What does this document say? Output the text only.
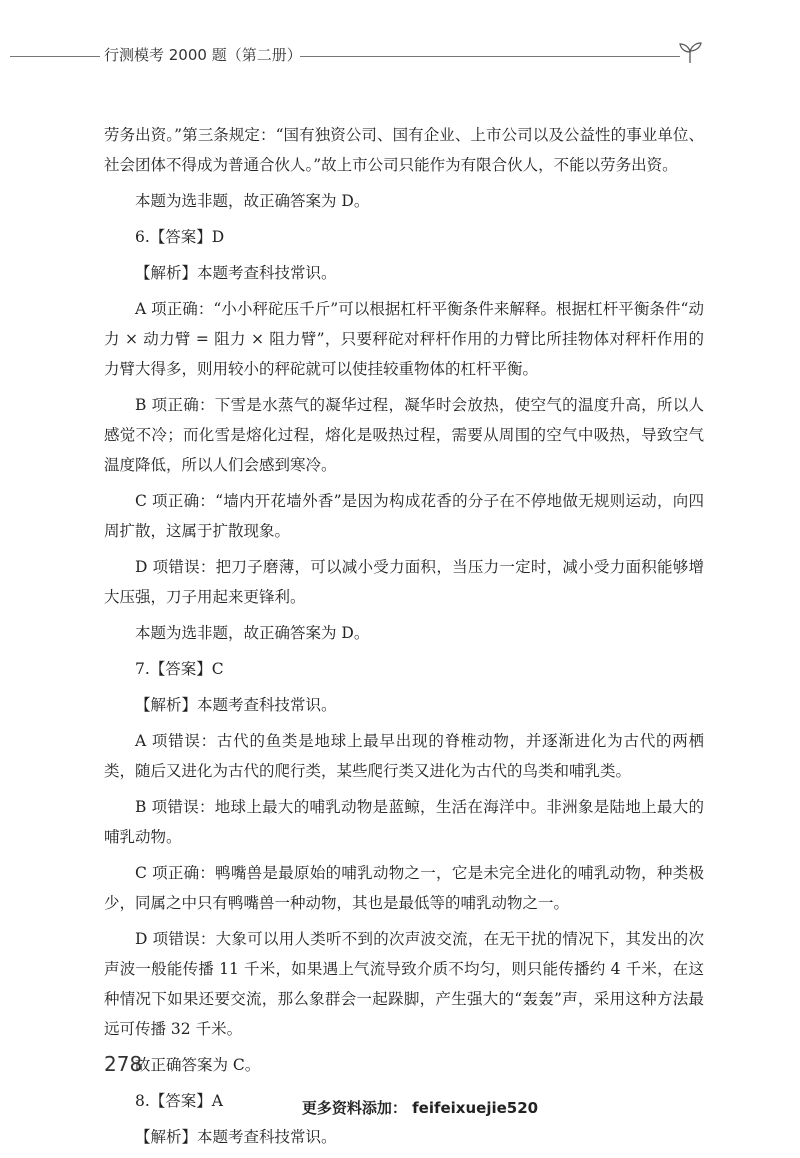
行测模考 2000 题（第二册）

劳务出资。”第三条规定：“国有独资公司、国有企业、上市公司以及公益性的事业单位、社会团体不得成为普通合伙人。”故上市公司只能作为有限合伙人，不能以劳务出资。

本题为选非题，故正确答案为 D。

6.【答案】D

【解析】本题考查科技常识。

A 项正确：“小小秤砣压千斤”可以根据杠杆平衡条件来解释。根据杠杆平衡条件“动力 × 动力臂 = 阻力 × 阻力臂”，只要秤砣对秤杆作用的力臂比所挂物体对秤杆作用的力臂大得多，则用较小的秤砣就可以使挂较重物体的杠杆平衡。

B 项正确：下雪是水蒸气的凝华过程，凝华时会放热，使空气的温度升高，所以人感觉不冷；而化雪是熔化过程，熔化是吸热过程，需要从周围的空气中吸热，导致空气温度降低，所以人们会感到寒冷。

C 项正确：“墙内开花墙外香”是因为构成花香的分子在不停地做无规则运动，向四周扩散，这属于扩散现象。

D 项错误：把刀子磨薄，可以减小受力面积，当压力一定时，减小受力面积能够增大压强，刀子用起来更锋利。

本题为选非题，故正确答案为 D。

7.【答案】C

【解析】本题考查科技常识。

A 项错误：古代的鱼类是地球上最早出现的脊椎动物，并逐渐进化为古代的两栖类，随后又进化为古代的爬行类，某些爬行类又进化为古代的鸟类和哺乳类。

B 项错误：地球上最大的哺乳动物是蓝鲸，生活在海洋中。非洲象是陆地上最大的哺乳动物。

C 项正确：鸭嘴兽是最原始的哺乳动物之一，它是未完全进化的哺乳动物，种类极少，同属之中只有鸭嘴兽一种动物，其也是最低等的哺乳动物之一。

D 项错误：大象可以用人类听不到的次声波交流，在无干扰的情况下，其发出的次声波一般能传播 11 千米，如果遇上气流导致介质不均匀，则只能传播约 4 千米，在这种情况下如果还要交流，那么象群会一起跺脚，产生强大的“轰轰”声，采用这种方法最远可传播 32 千米。

故正确答案为 C。

8.【答案】A

【解析】本题考查科技常识。

278
更多资料添加： feifeixuejie520
